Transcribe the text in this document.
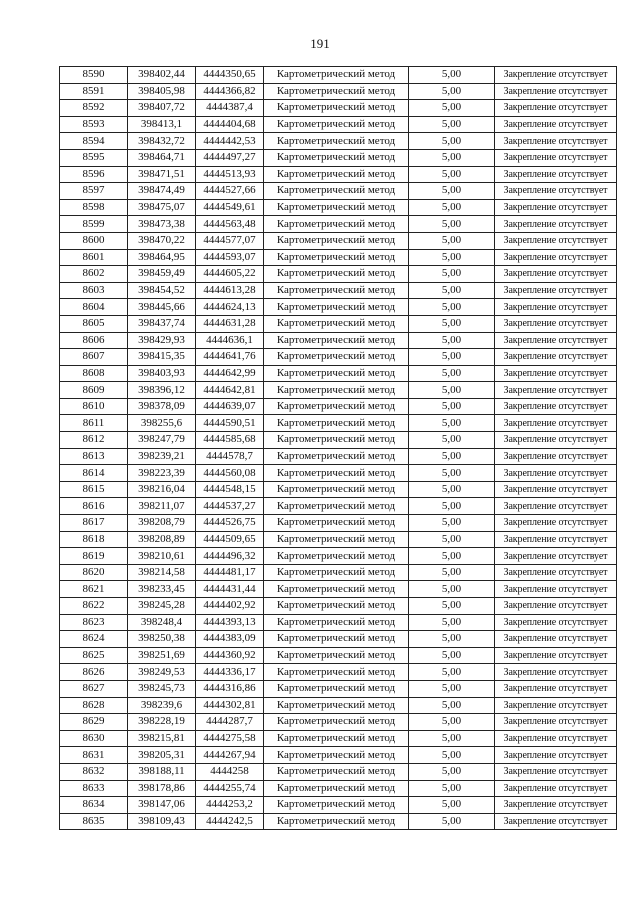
191
8590	398402,44	4444350,65	Картометрический метод	5,00	Закрепление отсутствует
8591	398405,98	4444366,82	Картометрический метод	5,00	Закрепление отсутствует
8592	398407,72	4444387,4	Картометрический метод	5,00	Закрепление отсутствует
8593	398413,1	4444404,68	Картометрический метод	5,00	Закрепление отсутствует
8594	398432,72	4444442,53	Картометрический метод	5,00	Закрепление отсутствует
8595	398464,71	4444497,27	Картометрический метод	5,00	Закрепление отсутствует
8596	398471,51	4444513,93	Картометрический метод	5,00	Закрепление отсутствует
8597	398474,49	4444527,66	Картометрический метод	5,00	Закрепление отсутствует
8598	398475,07	4444549,61	Картометрический метод	5,00	Закрепление отсутствует
8599	398473,38	4444563,48	Картометрический метод	5,00	Закрепление отсутствует
8600	398470,22	4444577,07	Картометрический метод	5,00	Закрепление отсутствует
8601	398464,95	4444593,07	Картометрический метод	5,00	Закрепление отсутствует
8602	398459,49	4444605,22	Картометрический метод	5,00	Закрепление отсутствует
8603	398454,52	4444613,28	Картометрический метод	5,00	Закрепление отсутствует
8604	398445,66	4444624,13	Картометрический метод	5,00	Закрепление отсутствует
8605	398437,74	4444631,28	Картометрический метод	5,00	Закрепление отсутствует
8606	398429,93	4444636,1	Картометрический метод	5,00	Закрепление отсутствует
8607	398415,35	4444641,76	Картометрический метод	5,00	Закрепление отсутствует
8608	398403,93	4444642,99	Картометрический метод	5,00	Закрепление отсутствует
8609	398396,12	4444642,81	Картометрический метод	5,00	Закрепление отсутствует
8610	398378,09	4444639,07	Картометрический метод	5,00	Закрепление отсутствует
8611	398255,6	4444590,51	Картометрический метод	5,00	Закрепление отсутствует
8612	398247,79	4444585,68	Картометрический метод	5,00	Закрепление отсутствует
8613	398239,21	4444578,7	Картометрический метод	5,00	Закрепление отсутствует
8614	398223,39	4444560,08	Картометрический метод	5,00	Закрепление отсутствует
8615	398216,04	4444548,15	Картометрический метод	5,00	Закрепление отсутствует
8616	398211,07	4444537,27	Картометрический метод	5,00	Закрепление отсутствует
8617	398208,79	4444526,75	Картометрический метод	5,00	Закрепление отсутствует
8618	398208,89	4444509,65	Картометрический метод	5,00	Закрепление отсутствует
8619	398210,61	4444496,32	Картометрический метод	5,00	Закрепление отсутствует
8620	398214,58	4444481,17	Картометрический метод	5,00	Закрепление отсутствует
8621	398233,45	4444431,44	Картометрический метод	5,00	Закрепление отсутствует
8622	398245,28	4444402,92	Картометрический метод	5,00	Закрепление отсутствует
8623	398248,4	4444393,13	Картометрический метод	5,00	Закрепление отсутствует
8624	398250,38	4444383,09	Картометрический метод	5,00	Закрепление отсутствует
8625	398251,69	4444360,92	Картометрический метод	5,00	Закрепление отсутствует
8626	398249,53	4444336,17	Картометрический метод	5,00	Закрепление отсутствует
8627	398245,73	4444316,86	Картометрический метод	5,00	Закрепление отсутствует
8628	398239,6	4444302,81	Картометрический метод	5,00	Закрепление отсутствует
8629	398228,19	4444287,7	Картометрический метод	5,00	Закрепление отсутствует
8630	398215,81	4444275,58	Картометрический метод	5,00	Закрепление отсутствует
8631	398205,31	4444267,94	Картометрический метод	5,00	Закрепление отсутствует
8632	398188,11	4444258	Картометрический метод	5,00	Закрепление отсутствует
8633	398178,86	4444255,74	Картометрический метод	5,00	Закрепление отсутствует
8634	398147,06	4444253,2	Картометрический метод	5,00	Закрепление отсутствует
8635	398109,43	4444242,5	Картометрический метод	5,00	Закрепление отсутствует
